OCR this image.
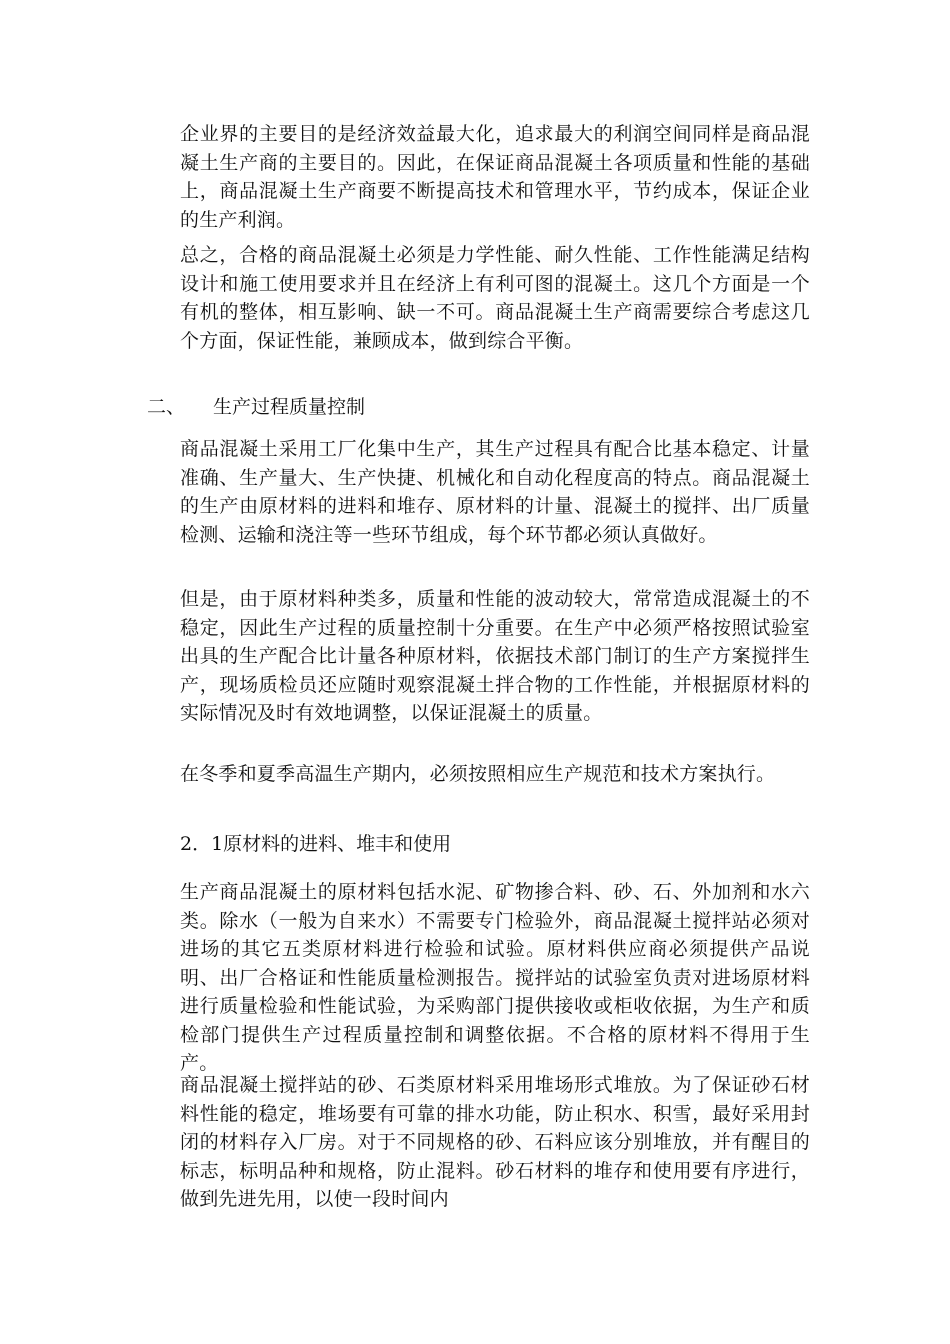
企业界的主要目的是经济效益最大化，追求最大的利润空间同样是商品混凝土生产商的主要目的。因此，在保证商品混凝土各项质量和性能的基础上，商品混凝土生产商要不断提高技术和管理水平，节约成本，保证企业的生产利润。

总之，合格的商品混凝土必须是力学性能、耐久性能、工作性能满足结构设计和施工使用要求并且在经济上有利可图的混凝土。这几个方面是一个有机的整体，相互影响、缺一不可。商品混凝土生产商需要综合考虑这几个方面，保证性能，兼顾成本，做到综合平衡。

二、 生产过程质量控制

商品混凝土采用工厂化集中生产，其生产过程具有配合比基本稳定、计量准确、生产量大、生产快捷、机械化和自动化程度高的特点。商品混凝土的生产由原材料的进料和堆存、原材料的计量、混凝土的搅拌、出厂质量检测、运输和浇注等一些环节组成，每个环节都必须认真做好。

但是，由于原材料种类多，质量和性能的波动较大，常常造成混凝土的不稳定，因此生产过程的质量控制十分重要。在生产中必须严格按照试验室出具的生产配合比计量各种原材料，依据技术部门制订的生产方案搅拌生产，现场质检员还应随时观察混凝土拌合物的工作性能，并根据原材料的实际情况及时有效地调整，以保证混凝土的质量。

在冬季和夏季高温生产期内，必须按照相应生产规范和技术方案执行。

2．1原材料的进料、堆丰和使用

生产商品混凝土的原材料包括水泥、矿物掺合料、砂、石、外加剂和水六类。除水（一般为自来水）不需要专门检验外，商品混凝土搅拌站必须对进场的其它五类原材料进行检验和试验。原材料供应商必须提供产品说明、出厂合格证和性能质量检测报告。搅拌站的试验室负责对进场原材料进行质量检验和性能试验，为采购部门提供接收或柜收依据，为生产和质检部门提供生产过程质量控制和调整依据。不合格的原材料不得用于生产。

商品混凝土搅拌站的砂、石类原材料采用堆场形式堆放。为了保证砂石材料性能的稳定，堆场要有可靠的排水功能，防止积水、积雪，最好采用封闭的材料存入厂房。对于不同规格的砂、石料应该分别堆放，并有醒目的标志，标明品种和规格，防止混料。砂石材料的堆存和使用要有序进行，做到先进先用，以使一段时间内
